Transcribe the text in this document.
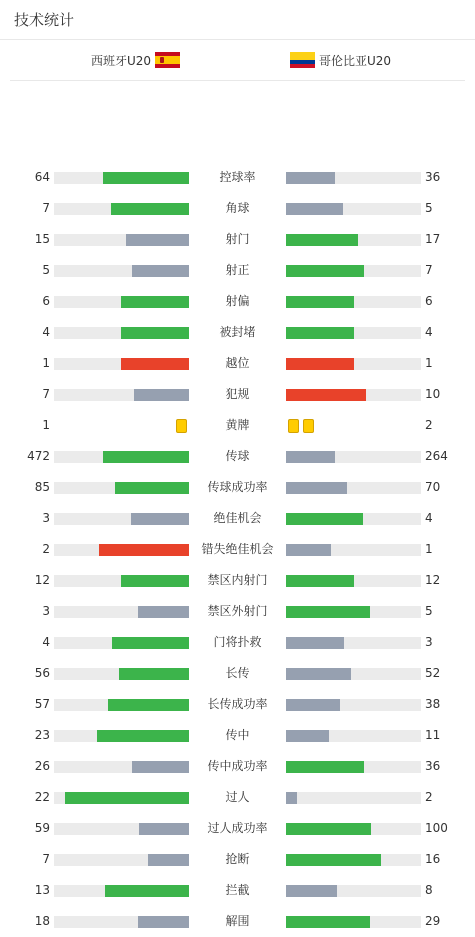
技术统计
西班牙U20	哥伦比亚U20
64	控球率	36
7	角球	5
15	射门	17
5	射正	7
6	射偏	6
4	被封堵	4
1	越位	1
7	犯规	10
1	黄牌	2
472	传球	264
85	传球成功率	70
3	绝佳机会	4
2	错失绝佳机会	1
12	禁区内射门	12
3	禁区外射门	5
4	门将扑救	3
56	长传	52
57	长传成功率	38
23	传中	11
26	传中成功率	36
22	过人	2
59	过人成功率	100
7	抢断	16
13	拦截	8
18	解围	29
